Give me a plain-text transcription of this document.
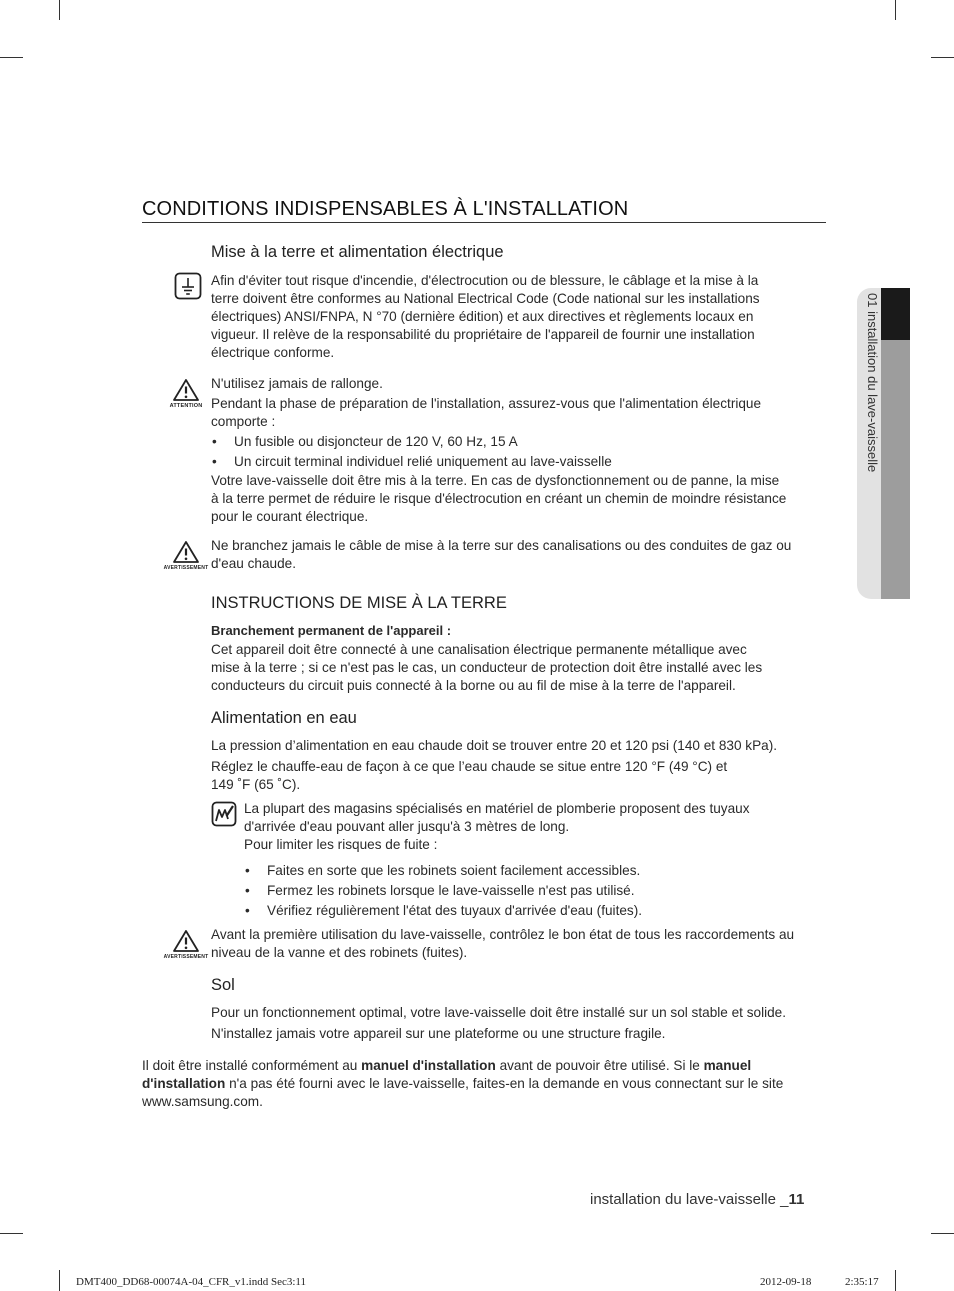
01 installation du lave-vaisselle
CONDITIONS INDISPENSABLES À L'INSTALLATION
Mise à la terre et alimentation électrique

Afin d'éviter tout risque d'incendie, d'électrocution ou de blessure, le câblage et la mise à la

terre doivent être conformes au National Electrical Code (Code national sur les installations

électriques) ANSI/FNPA, N °70 (dernière édition) et aux directives et règlements locaux en

vigueur. Il relève de la responsabilité du propriétaire de l'appareil de fournir une installation

électrique conforme.

ATTENTION

N'utilisez jamais de rallonge.

Pendant la phase de préparation de l'installation, assurez-vous que l'alimentation électrique

comporte :

• Un fusible ou disjoncteur de 120 V, 60 Hz, 15 A

• Un circuit terminal individuel relié uniquement au lave-vaisselle

Votre lave-vaisselle doit être mis à la terre. En cas de dysfonctionnement ou de panne, la mise

à la terre permet de réduire le risque d'électrocution en créant un chemin de moindre résistance

pour le courant électrique.

AVERTISSEMENT

Ne branchez jamais le câble de mise à la terre sur des canalisations ou des conduites de gaz ou

d'eau chaude.

INSTRUCTIONS DE MISE À LA TERRE

Branchement permanent de l'appareil :

Cet appareil doit être connecté à une canalisation électrique permanente métallique avec

mise à la terre ; si ce n'est pas le cas, un conducteur de protection doit être installé avec les

conducteurs du circuit puis connecté à la borne ou au fil de mise à la terre de l'appareil.

Alimentation en eau

La pression d’alimentation en eau chaude doit se trouver entre 20 et 120 psi (140 et 830 kPa).

Réglez le chauffe-eau de façon à ce que l’eau chaude se situe entre 120 °F (49 °C) et

149 ˚F (65 ˚C).

La plupart des magasins spécialisés en matériel de plomberie proposent des tuyaux

d'arrivée d'eau pouvant aller jusqu'à 3 mètres de long.

Pour limiter les risques de fuite :

• Faites en sorte que les robinets soient facilement accessibles.

• Fermez les robinets lorsque le lave-vaisselle n'est pas utilisé.

• Vérifiez régulièrement l'état des tuyaux d'arrivée d'eau (fuites).

AVERTISSEMENT

Avant la première utilisation du lave-vaisselle, contrôlez le bon état de tous les raccordements au

niveau de la vanne et des robinets (fuites).

Sol

Pour un fonctionnement optimal, votre lave-vaisselle doit être installé sur un sol stable et solide.

N'installez jamais votre appareil sur une plateforme ou une structure fragile.

Il doit être installé conformément au manuel d'installation avant de pouvoir être utilisé. Si le manuel

d'installation n'a pas été fourni avec le lave-vaisselle, faites-en la demande en vous connectant sur le site

www.samsung.com.

installation du lave-vaisselle _11
DMT400_DD68-00074A-04_CFR_v1.indd Sec3:11	2012-09-18	2:35:17
